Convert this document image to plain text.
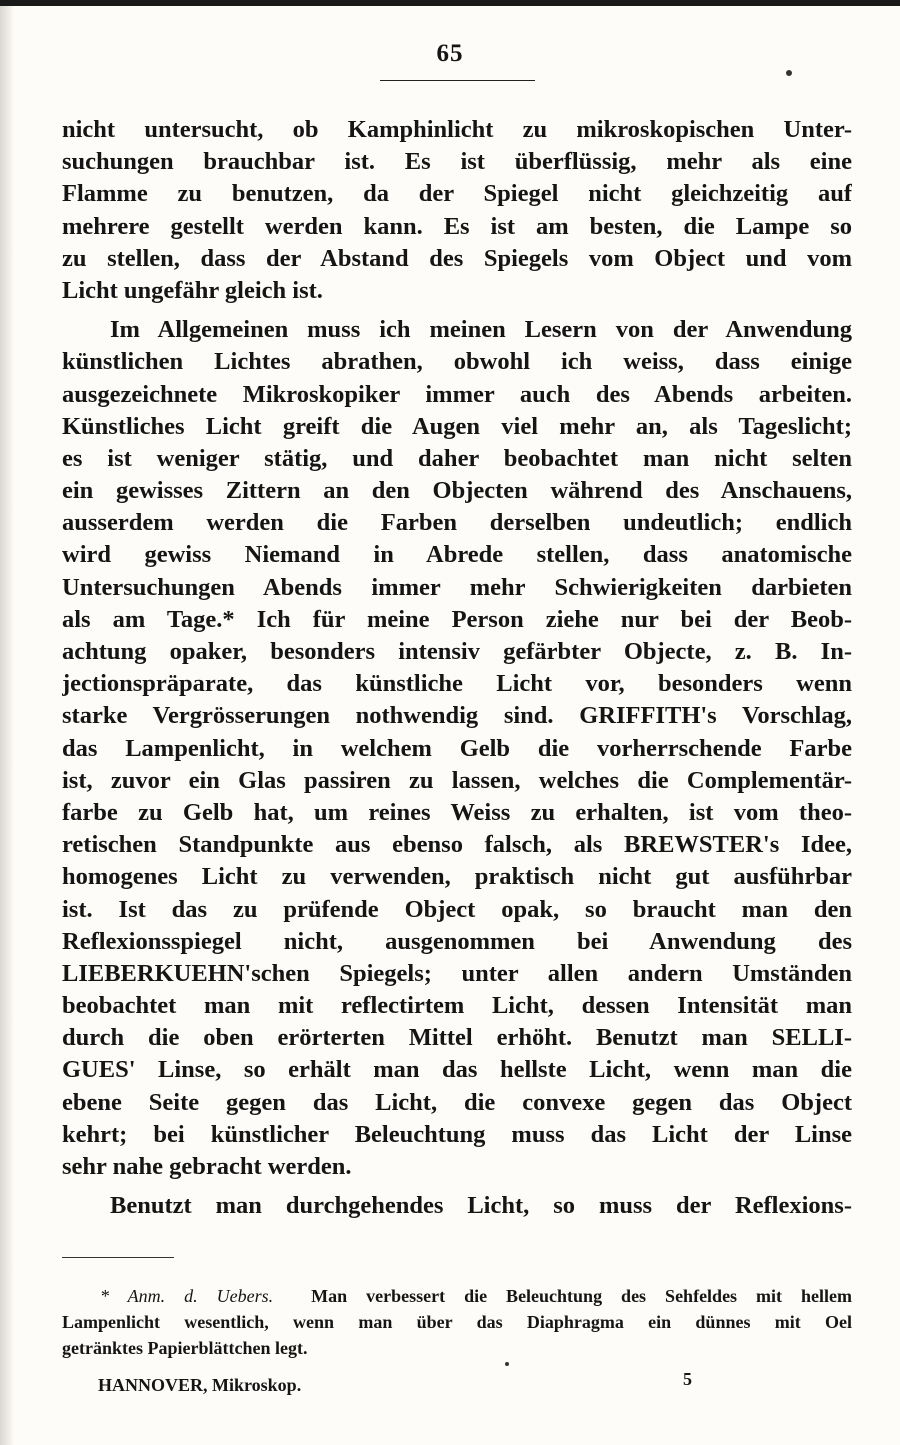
65
nicht untersucht, ob Kamphinlicht zu mikroskopischen Unter-
suchungen brauchbar ist. Es ist überflüssig, mehr als eine
Flamme zu benutzen, da der Spiegel nicht gleichzeitig auf
mehrere gestellt werden kann. Es ist am besten, die Lampe so
zu stellen, dass der Abstand des Spiegels vom Object und vom
Licht ungefähr gleich ist.
Im Allgemeinen muss ich meinen Lesern von der Anwendung
künstlichen Lichtes abrathen, obwohl ich weiss, dass einige
ausgezeichnete Mikroskopiker immer auch des Abends arbeiten.
Künstliches Licht greift die Augen viel mehr an, als Tageslicht;
es ist weniger stätig, und daher beobachtet man nicht selten
ein gewisses Zittern an den Objecten während des Anschauens,
ausserdem werden die Farben derselben undeutlich; endlich
wird gewiss Niemand in Abrede stellen, dass anatomische
Untersuchungen Abends immer mehr Schwierigkeiten darbieten
als am Tage.* Ich für meine Person ziehe nur bei der Beob-
achtung opaker, besonders intensiv gefärbter Objecte, z. B. In-
jectionspräparate, das künstliche Licht vor, besonders wenn
starke Vergrösserungen nothwendig sind. GRIFFITH's Vorschlag,
das Lampenlicht, in welchem Gelb die vorherrschende Farbe
ist, zuvor ein Glas passiren zu lassen, welches die Complementär-
farbe zu Gelb hat, um reines Weiss zu erhalten, ist vom theo-
retischen Standpunkte aus ebenso falsch, als BREWSTER's Idee,
homogenes Licht zu verwenden, praktisch nicht gut ausführbar
ist. Ist das zu prüfende Object opak, so braucht man den
Reflexionsspiegel nicht, ausgenommen bei Anwendung des
LIEBERKUEHN'schen Spiegels; unter allen andern Umständen
beobachtet man mit reflectirtem Licht, dessen Intensität man
durch die oben erörterten Mittel erhöht. Benutzt man SELLI-
GUES' Linse, so erhält man das hellste Licht, wenn man die
ebene Seite gegen das Licht, die convexe gegen das Object
kehrt; bei künstlicher Beleuchtung muss das Licht der Linse
sehr nahe gebracht werden.
Benutzt man durchgehendes Licht, so muss der Reflexions-
* Anm. d. Uebers. Man verbessert die Beleuchtung des Sehfeldes mit hellem
Lampenlicht wesentlich, wenn man über das Diaphragma ein dünnes mit Oel
getränktes Papierblättchen legt.
HANNOVER, Mikroskop.	5
